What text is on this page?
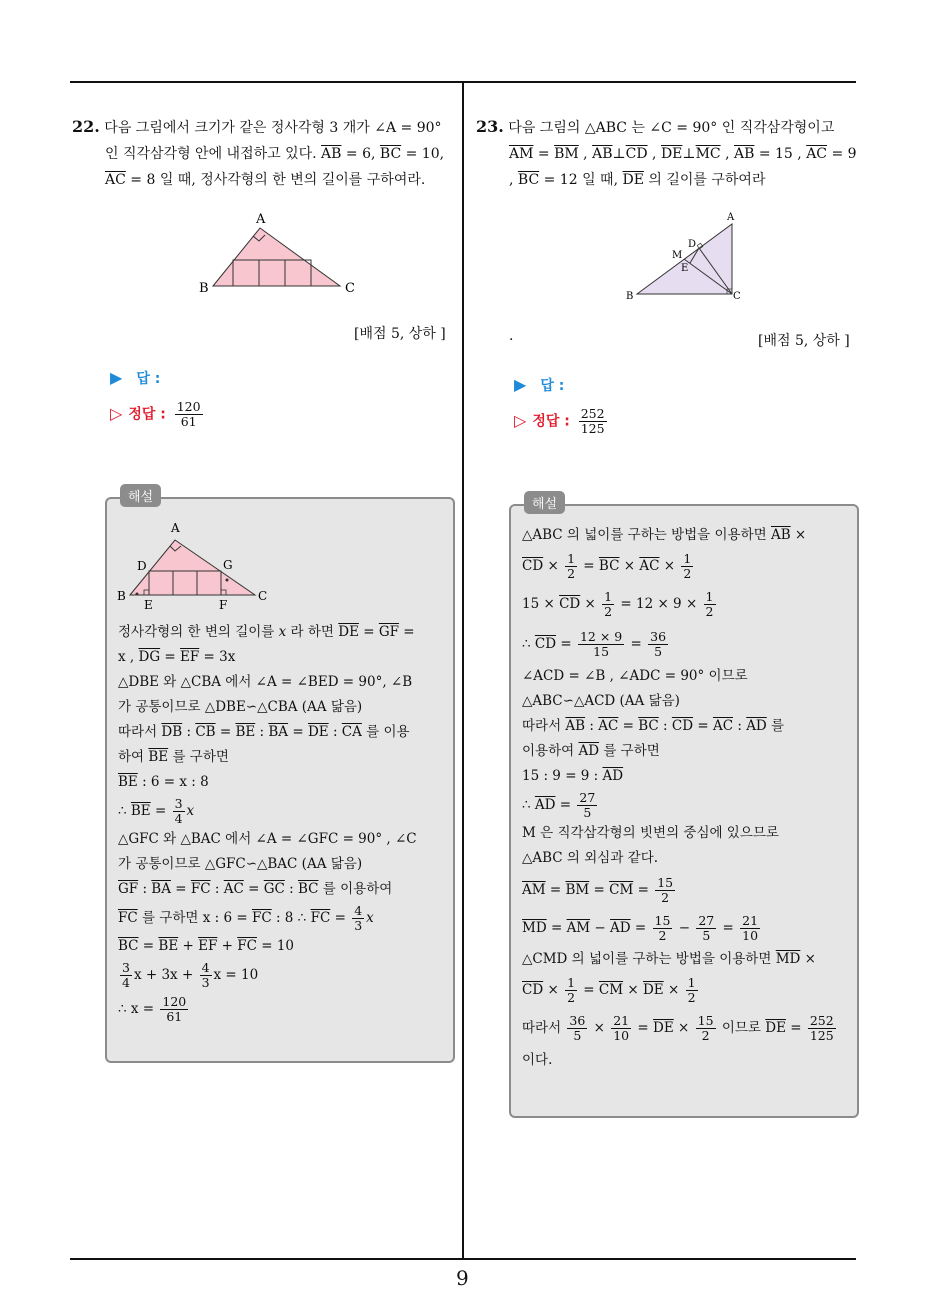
9
22. 다음 그림에서 크기가 같은 정사각형 3 개가 ∠A = 90°
인 직각삼각형 안에 내접하고 있다. $\overline{AB} = 6$, $\overline{BC} = 10$,
$\overline{AC} = 8$ 일 때, 정사각형의 한 변의 길이를 구하여라.
A
B	C
[배점 5, 상하 ]
▶ 답 :
▷ 정답 : $\frac{120}{61}$
해설
A
B	C
D
E	F
G

정사각형의 한 변의 길이를 x 라 하면 $\overline{DE} = \overline{GF}$ =

x , $\overline{DG} = \overline{EF} = 3x$

△DBE 와 △CBA 에서 ∠A = ∠BED = 90°, ∠B

가 공통이므로 △DBE∽△CBA (AA 닮음)

따라서 $\overline{DB}$ : $\overline{CB} = \overline{BE}$ : $\overline{BA} = \overline{DE}$ : $\overline{CA}$ 를 이용

하여 $\overline{BE}$ 를 구하면

$\overline{BE}$ : 6 = x : 8

∴ $\overline{BE} = \frac{3}{4}$ x

△GFC 와 △BAC 에서 ∠A = ∠GFC = 90° , ∠C

가 공통이므로 △GFC∽△BAC (AA 닮음)

$\overline{GF}$ : $\overline{BA} = \overline{FC}$ : $\overline{AC} = \overline{GC}$ : $\overline{BC}$ 를 이용하여

$\overline{FC}$ 를 구하면 x : $6 = \overline{FC}$ : 8 ∴ $\overline{FC} = \frac{4}{3}$ x

$\overline{BC} = \overline{BE} + \overline{EF} + \overline{FC} = 10$

$\frac{3}{4}$ $x + 3x + \frac{4}{3}$ x = 10

∴ $x = \frac{120}{61}$

23. 다음 그림의 △ABC 는 ∠C = 90° 인 직각삼각형이고
$\overline{AM} = \overline{BM}$ , $\overline{AB}\perp\overline{CD}$ , $\overline{DE}\perp\overline{MC}$ , $\overline{AB} = 15$ , $\overline{AC} = 9$
, $\overline{BC} = 12$ 일 때, $\overline{DE}$ 의 길이를 구하여라
A
B	C
D
E
M
.	[배점 5, 상하 ]
▶ 답 :
▷ 정답 : $\frac{252}{125}$
해설

△ABC 의 넓이를 구하는 방법을 이용하면 $\overline{AB}$ ×

$\overline{CD} \times \frac{1}{2} = \overline{BC} \times \overline{AC} \times \frac{1}{2}$

$15 \times \overline{CD} \times \frac{1}{2} = 12 \times 9 \times \frac{1}{2}$

∴ $\overline{CD} = \frac{12 \times 9}{15} = \frac{36}{5}$

∠ACD = ∠B , ∠ADC = 90° 이므로

△ABC∽△ACD (AA 닮음)

따라서 $\overline{AB}$ : $\overline{AC} = \overline{BC}$ : $\overline{CD} = \overline{AC}$ : $\overline{AD}$ 를

이용하여 $\overline{AD}$ 를 구하면

15 : 9 = 9 : $\overline{AD}$

∴ $\overline{AD} = \frac{27}{5}$

M 은 직각삼각형의 빗변의 중심에 있으므로

△ABC 의 외심과 같다.

$\overline{AM} = \overline{BM} = \overline{CM} = \frac{15}{2}$

$\overline{MD} = \overline{AM} - \overline{AD} = \frac{15}{2} - \frac{27}{5} = \frac{21}{10}$

△CMD 의 넓이를 구하는 방법을 이용하면 $\overline{MD}$ ×

$\overline{CD} \times \frac{1}{2} = \overline{CM} \times \overline{DE} \times \frac{1}{2}$

따라서 $\frac{36}{5} \times \frac{21}{10} = \overline{DE} \times \frac{15}{2}$ 이므로 $\overline{DE} = \frac{252}{125}$

이다.
